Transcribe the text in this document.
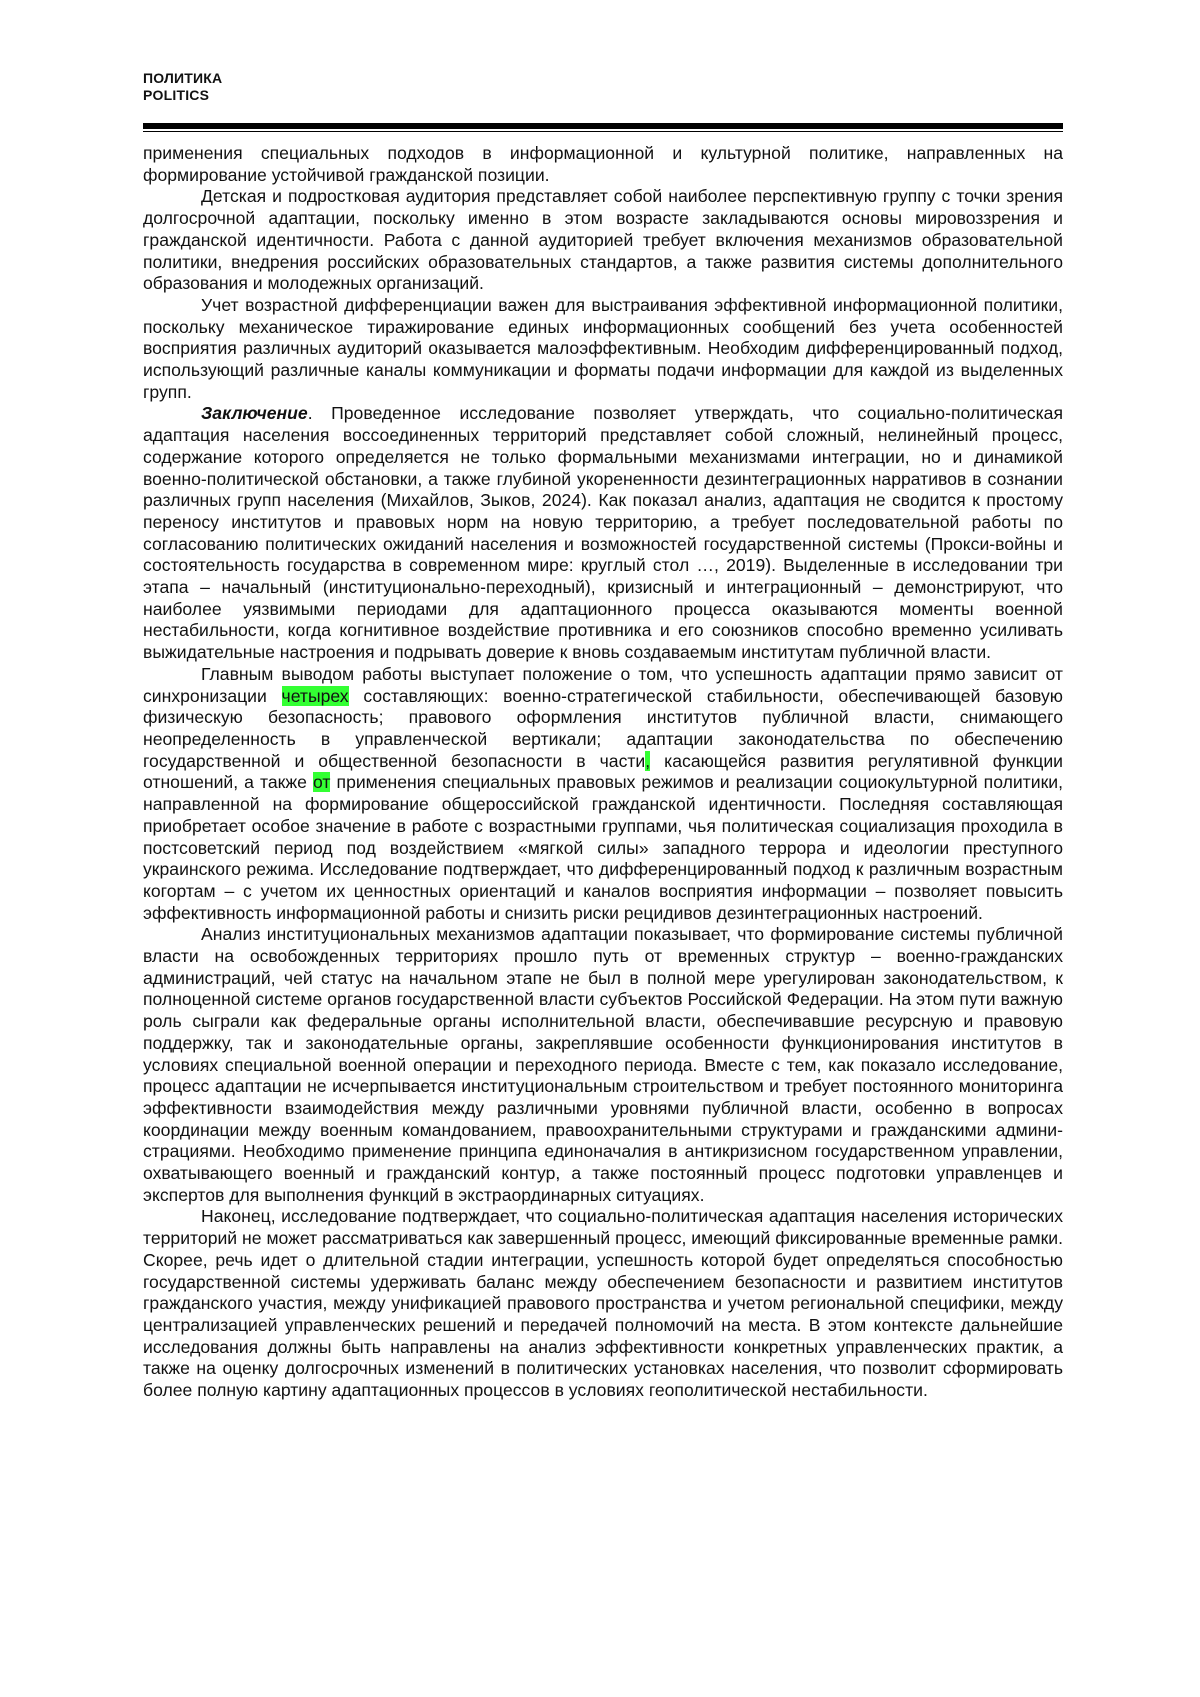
ПОЛИТИКА
POLITICS

применения специальных подходов в информационной и культурной политике, направленных на формирование устойчивой гражданской позиции.

Детская и подростковая аудитория представляет собой наиболее перспективную группу с точки зрения долгосрочной адаптации, поскольку именно в этом возрасте закладываются основы мировоззрения и гражданской идентичности. Работа с данной аудиторией требует включения механизмов образовательной политики, внедрения российских образовательных стандартов, а также развития системы дополнительного образования и молодежных организаций.

Учет возрастной дифференциации важен для выстраивания эффективной информационной политики, поскольку механическое тиражирование единых информационных сообщений без учета особенностей восприятия различных аудиторий оказывается малоэффективным. Необходим дифференцированный подход, использующий различные каналы коммуникации и форматы подачи информации для каждой из выделенных групп.

Заключение. Проведенное исследование позволяет утверждать, что социально-политическая адаптация населения воссоединенных территорий представляет собой сложный, нелинейный процесс, содержание которого определяется не только формальными механизмами интеграции, но и динамикой военно-политической обстановки, а также глубиной укорененности дезинтеграционных нарративов в сознании различных групп населения (Михайлов, Зыков, 2024). Как показал анализ, адаптация не сводится к простому переносу институтов и правовых норм на новую территорию, а требует последовательной работы по согласованию политических ожиданий населения и возможностей государственной системы (Прокси-войны и состоятельность государства в современном мире: круглый стол …, 2019). Выделенные в исследовании три этапа – начальный (институционально-переходный), кризисный и интеграционный – демонстрируют, что наиболее уязвимыми периодами для адаптационного процесса оказываются моменты военной нестабильности, когда когнитивное воздействие противника и его союзников способно временно усиливать выжидательные настроения и подрывать доверие к вновь создаваемым институтам публичной власти.

Главным выводом работы выступает положение о том, что успешность адаптации прямо зависит от синхронизации четырех составляющих: военно-стратегической стабильности, обеспечивающей базовую физическую безопасность; правового оформления институтов публичной власти, снимающего неопределенность в управленческой вертикали; адаптации законодательства по обеспечению государственной и общественной безопасности в части, касающейся развития регулятивной функции отношений, а также от применения специальных правовых режимов и реализации социокультурной политики, направленной на формирование общероссийской гражданской идентичности. Последняя составляющая приобретает особое значение в работе с возрастными группами, чья политическая социализация проходила в постсоветский период под воздействием «мягкой силы» западного террора и идеологии преступного украинского режима. Исследование подтверждает, что дифференцированный подход к различным возрастным когортам – с учетом их ценностных ориентаций и каналов восприятия информации – позволяет повысить эффективность информационной работы и снизить риски рецидивов дезинтеграционных настроений.

Анализ институциональных механизмов адаптации показывает, что формирование системы публичной власти на освобожденных территориях прошло путь от временных структур – военно-гражданских администраций, чей статус на начальном этапе не был в полной мере урегулирован законодательством, к полноценной системе органов государственной власти субъектов Российской Федерации. На этом пути важную роль сыграли как федеральные органы исполнительной власти, обеспечивавшие ресурсную и правовую поддержку, так и законодательные органы, закреплявшие особенности функционирования институтов в условиях специальной военной операции и переходного периода. Вместе с тем, как показало исследование, процесс адаптации не исчерпывается институциональным строительством и требует постоянного мониторинга эффективности взаимодействия между различными уровнями публичной власти, особенно в вопросах координации между военным командованием, правоохранительными структурами и гражданскими администрациями. Необходимо применение принципа единоначалия в антикризисном государственном управлении, охватывающего военный и гражданский контур, а также постоянный процесс подготовки управленцев и экспертов для выполнения функций в экстраординарных ситуациях.

Наконец, исследование подтверждает, что социально-политическая адаптация населения исторических территорий не может рассматриваться как завершенный процесс, имеющий фиксированные временные рамки. Скорее, речь идет о длительной стадии интеграции, успешность которой будет определяться способностью государственной системы удерживать баланс между обеспечением безопасности и развитием институтов гражданского участия, между унификацией правового пространства и учетом региональной специфики, между централизацией управленческих решений и передачей полномочий на места. В этом контексте дальнейшие исследования должны быть направлены на анализ эффективности конкретных управленческих практик, а также на оценку долгосрочных изменений в политических установках населения, что позволит сформировать более полную картину адаптационных процессов в условиях геополитической нестабильности.
